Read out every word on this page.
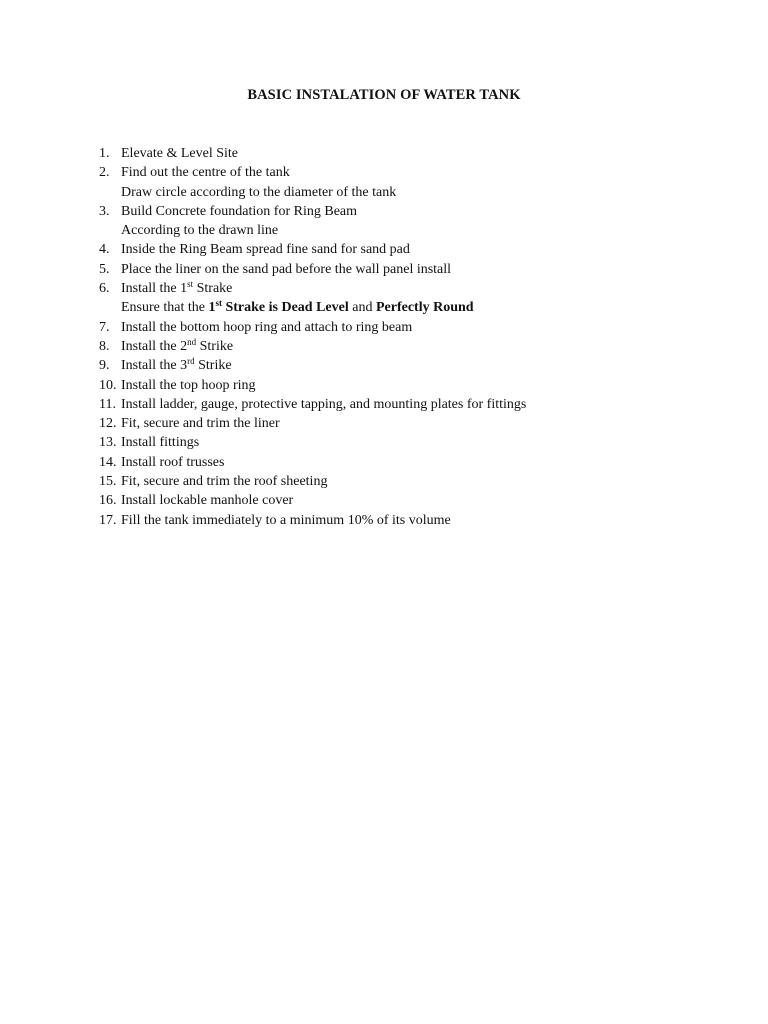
BASIC INSTALATION OF WATER TANK
1. Elevate & Level Site
2. Find out the centre of the tank
Draw circle according to the diameter of the tank
3. Build Concrete foundation for Ring Beam
According to the drawn line
4. Inside the Ring Beam spread fine sand for sand pad
5. Place the liner on the sand pad before the wall panel install
6. Install the 1st Strake
Ensure that the 1st Strake is Dead Level and Perfectly Round
7. Install the bottom hoop ring and attach to ring beam
8. Install the 2nd Strike
9. Install the 3rd Strike
10. Install the top hoop ring
11. Install ladder, gauge, protective tapping, and mounting plates for fittings
12. Fit, secure and trim the liner
13. Install fittings
14. Install roof trusses
15. Fit, secure and trim the roof sheeting
16. Install lockable manhole cover
17. Fill the tank immediately to a minimum 10% of its volume
